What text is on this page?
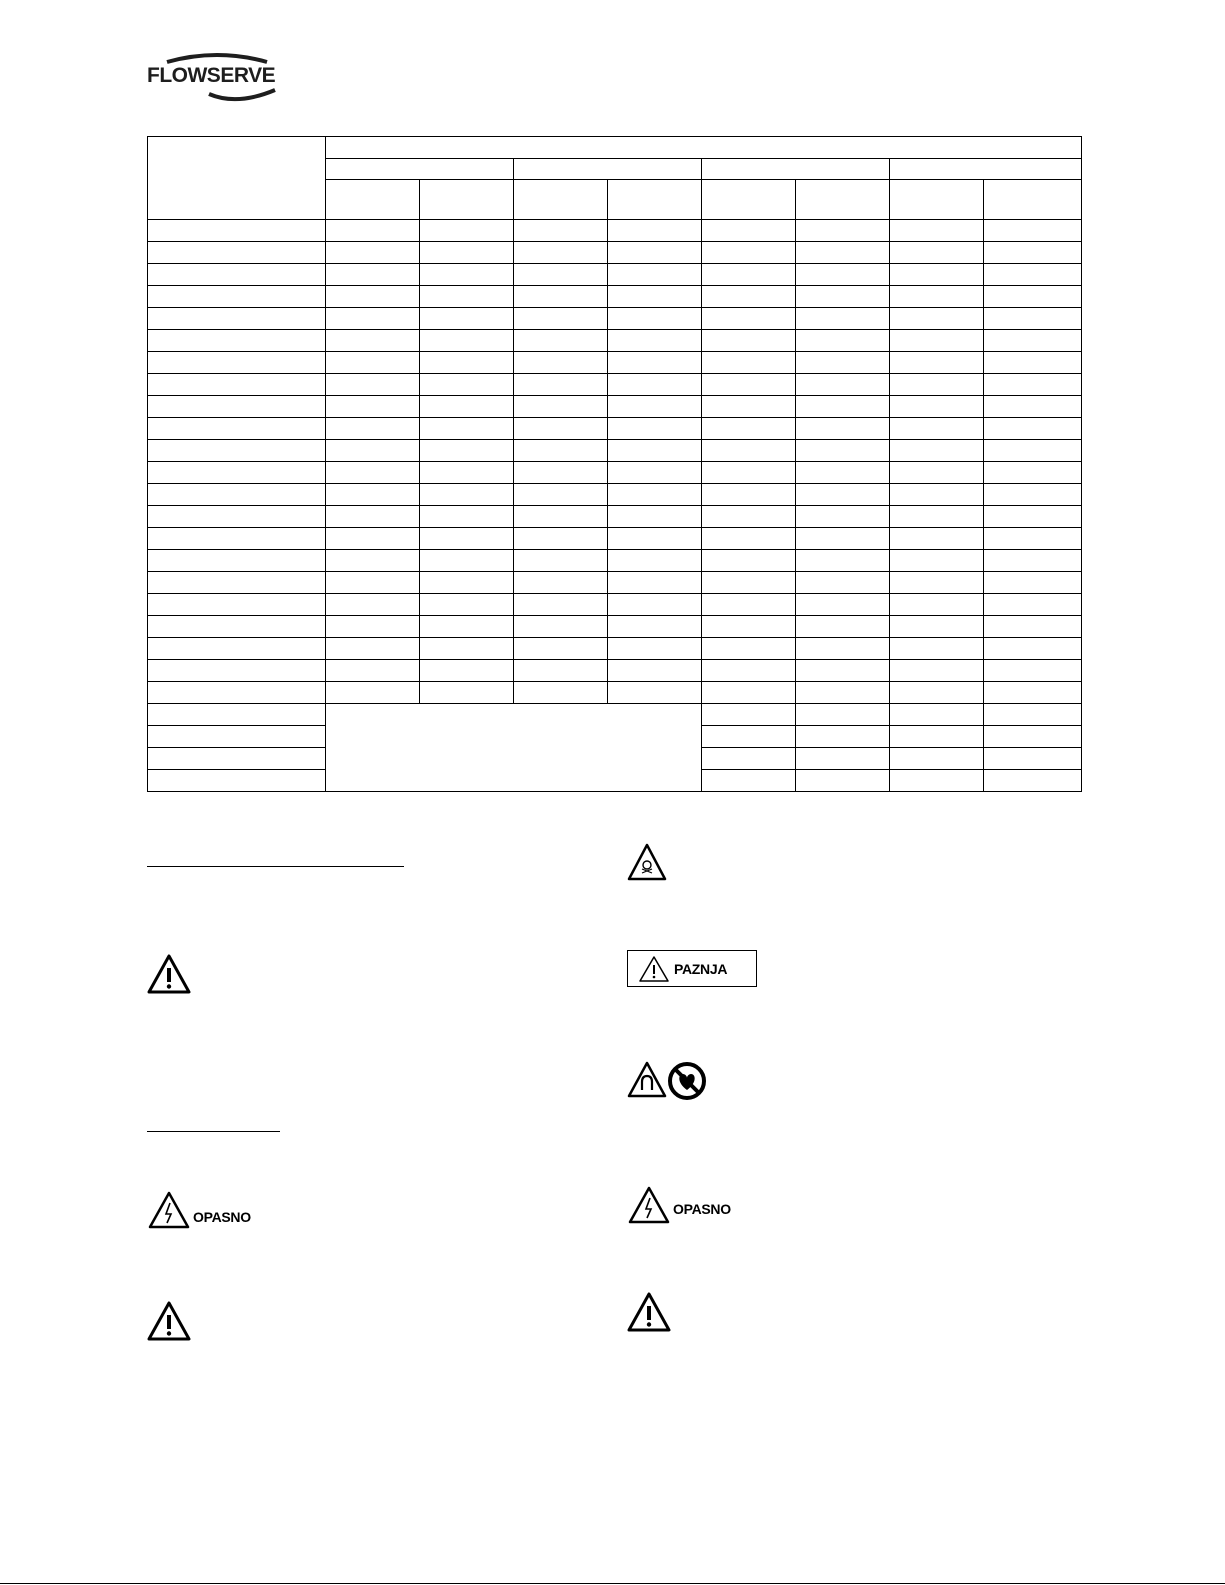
FLOWSERVE

OPASNO
PAZNJA
OPASNO
